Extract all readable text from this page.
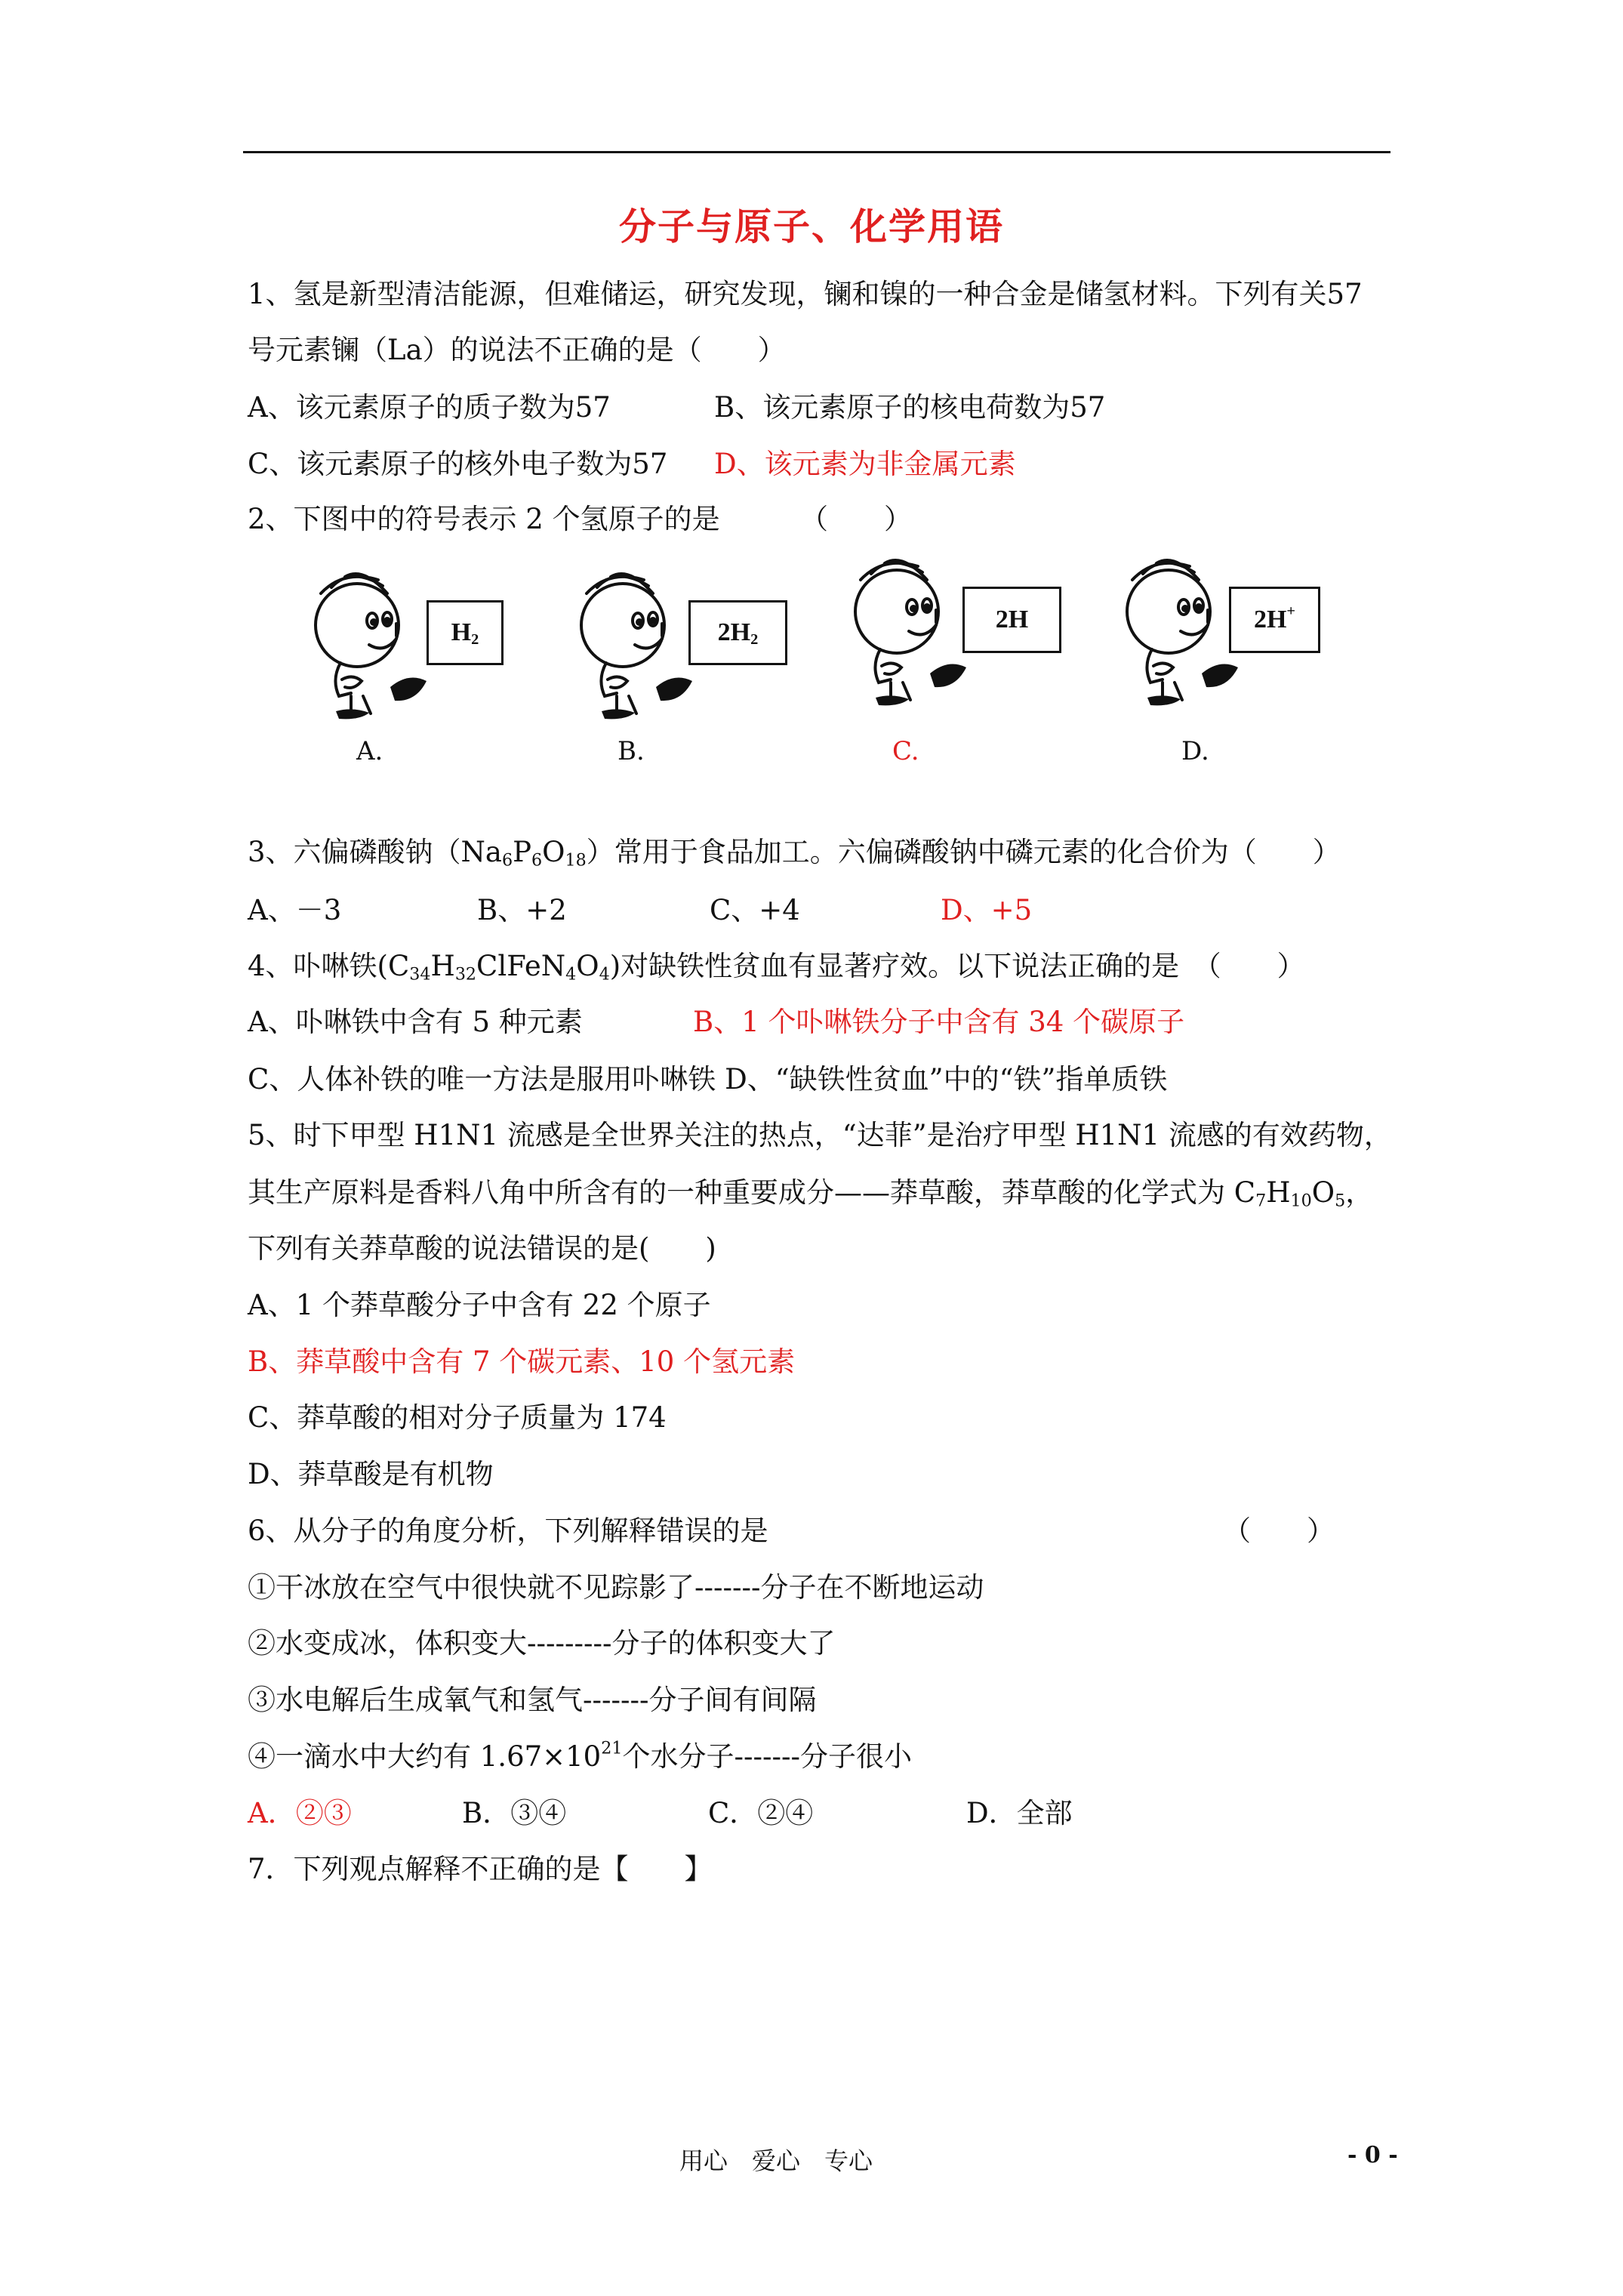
分子与原子、化学用语
1、氢是新型清洁能源，但难储运，研究发现，镧和镍的一种合金是储氢材料。下列有关57
号元素镧（La）的说法不正确的是（　　）
A、该元素原子的质子数为57	B、该元素原子的核电荷数为57
C、该元素原子的核外电子数为57 D、该元素为非金属元素
2、下图中的符号表示 2 个氢原子的是	（　　）
$H_2$	$2H_2$
2H	2H+
A.	B.	C.	D.
3、六偏磷酸钠$(Na_6P_6O_{18})$常用于食品加工。六偏磷酸钠中磷元素的化合价为（　　）
A、－3	B、+2	C、+4	D、+5
4、卟啉铁$(C_{34}H_{32}ClFeN_4O_4)$对缺铁性贫血有显著疗效。以下说法正确的是　（　　）
A、卟啉铁中含有 5 种元素	B、1 个卟啉铁分子中含有 34 个碳原子
C、人体补铁的唯一方法是服用卟啉铁 D、“缺铁性贫血”中的“铁”指单质铁
5、时下甲型 H1N1 流感是全世界关注的热点，“达菲”是治疗甲型 H1N1 流感的有效药物，
其生产原料是香料八角中所含有的一种重要成分——莽草酸，莽草酸的化学式为 $C_7H_{10}O_5$，
下列有关莽草酸的说法错误的是(　　)
A、1 个莽草酸分子中含有 22 个原子
B、莽草酸中含有 7 个碳元素、10 个氢元素
C、莽草酸的相对分子质量为 174
D、莽草酸是有机物
6、从分子的角度分析，下列解释错误的是	（　　）
①干冰放在空气中很快就不见踪影了-------分子在不断地运动
②水变成冰，体积变大---------分子的体积变大了
③水电解后生成氧气和氢气-------分子间有间隔
④一滴水中大约有 $1.67\times 10^{21}$个水分子-------分子很小
A．②③	B．③④	C．②④	D．全部
7．下列观点解释不正确的是【　　】
用心　爱心　专心	- 0 -
